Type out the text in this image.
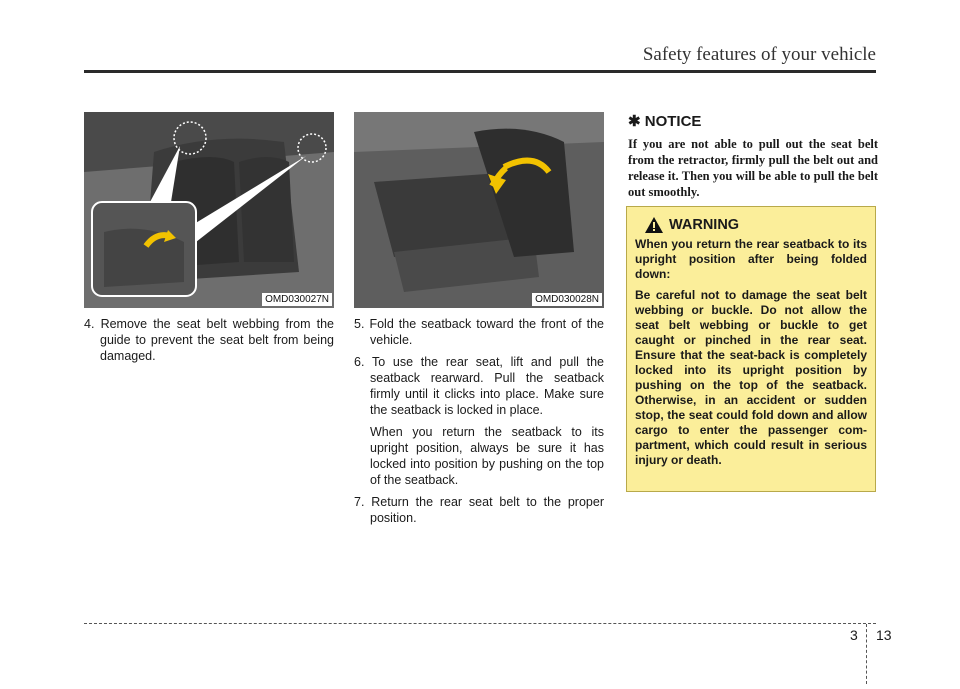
Safety features of your vehicle
OMD030027N	OMD030028N

4. Remove the seat belt webbing from the guide to prevent the seat belt from being damaged.

5. Fold the seatback toward the front of the vehicle.

6. To use the rear seat, lift and pull the seatback rearward. Pull the seatback firmly until it clicks into place. Make sure the seatback is locked in place.

When you return the seatback to its upright position, always be sure it has locked into position by pushing on the top of the seatback.

7. Return the rear seat belt to the proper position.

✱ NOTICE

If you are not able to pull out the seat belt from the retractor, firmly pull the belt out and release it. Then you will be able to pull the belt out smoothly.

WARNING

When you return the rear seatback to its upright position after being folded down:

Be careful not to damage the seat belt webbing or buckle. Do not allow the seat belt webbing or buckle to get caught or pinched in the rear seat. Ensure that the seat-back is completely locked into its upright position by pushing on the top of the seatback. Otherwise, in an accident or sudden stop, the seat could fold down and allow cargo to enter the passenger com-partment, which could result in serious injury or death.

3 13
